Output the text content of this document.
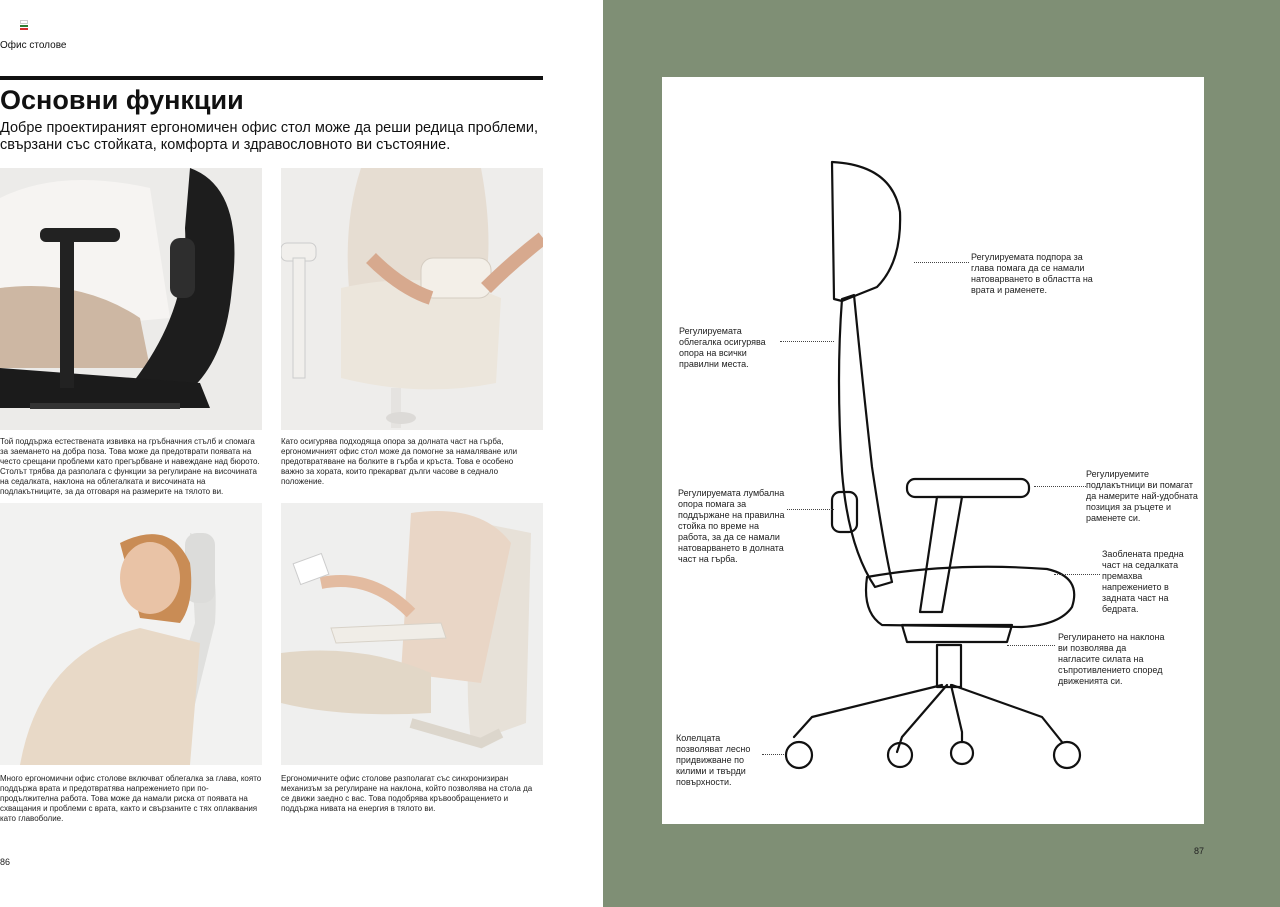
Офис столове
Основни функции
Добре проектираният ергономичен офис стол може да реши редица проблеми, свързани със стойката, комфорта и здравословното ви състояние.
Той поддържа естествената извивка на гръбначния стълб и спомага за заемането на добра поза. Това може да предотврати появата на често срещани проблеми като прегърбване и навеждане над бюрото. Столът трябва да разполага с функции за регулиране на височината на седалката, наклона на облегалката и височината на подлакътниците, за да отговаря на размерите на тялото ви.
Като осигурява подходяща опора за долната част на гърба, ергономичният офис стол може да помогне за намаляване или предотвратяване на болките в гърба и кръста. Това е особено важно за хората, които прекарват дълги часове в седнало положение.
Много ергономични офис столове включват облегалка за глава, която поддържа врата и предотвратява напрежението при по-продължителна работа. Това може да намали риска от появата на схващания и проблеми с врата, както и свързаните с тях оплаквания като главоболие.
Ергономичните офис столове разполагат със синхронизиран механизъм за регулиране на наклона, който позволява на стола да се движи заедно с вас. Това подобрява кръвообращението и поддържа нивата на енергия в тялото ви.
86
Регулируемата подпора за глава помага да се намали натоварването в областта на врата и раменете.
Регулируемата облегалка осигурява опора на всички правилни места.
Регулируемите подлакътници ви помагат да намерите най-удобната позиция за ръцете и раменете си.
Регулируемата лумбална опора помага за поддържане на правилна стойка по време на работа, за да се намали натоварването в долната част на гърба.	Заоблената предна част на седалката премахва напрежението в задната част на бедрата.
Регулирането на наклона ви позволява да нагласите силата на съпротивлението според движенията си.
Колелцата позволяват лесно придвижване по килими и твърди повърхности.
87
